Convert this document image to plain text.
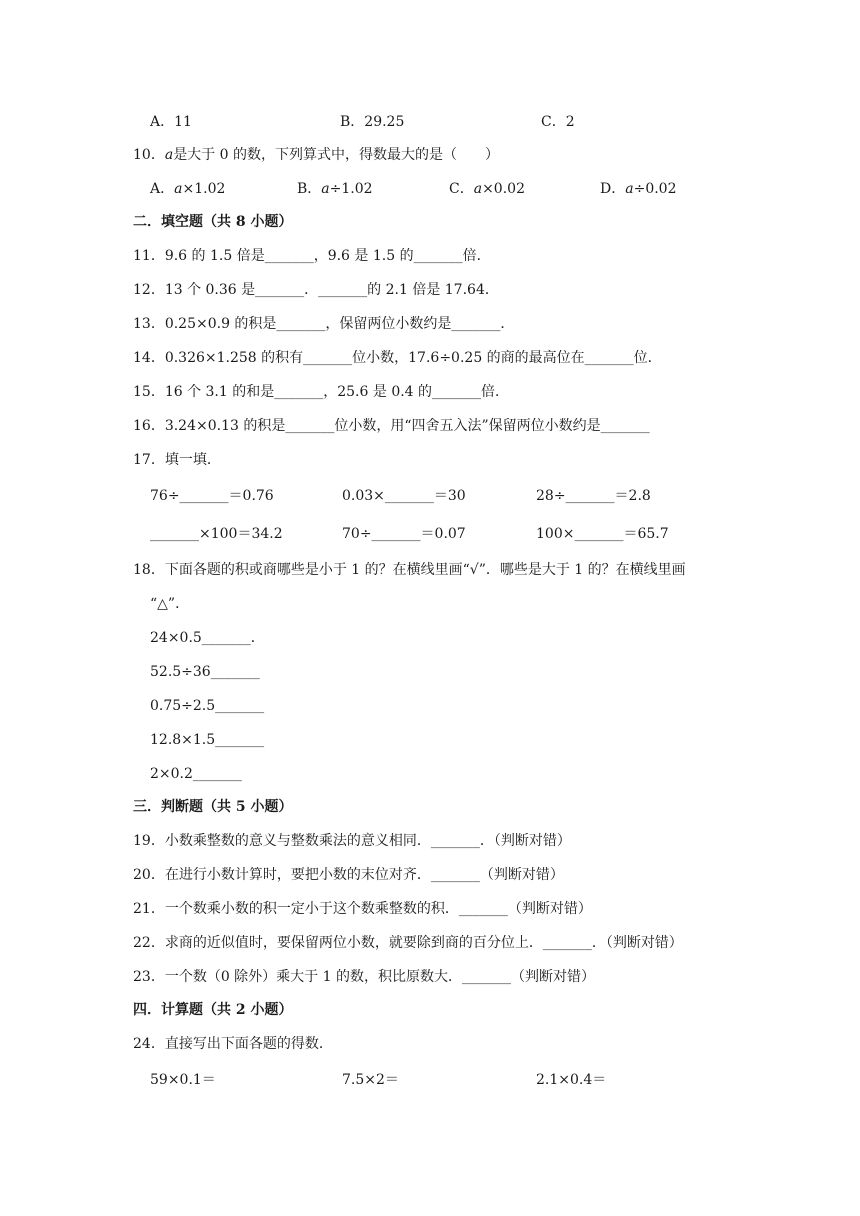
A．11	B．29.25	C．2
10．a是大于 0 的数，下列算式中，得数最大的是（　　）
A．a×1.02	B．a÷1.02	C．a×0.02	D．a÷0.02
二．填空题（共 8 小题）
11．9.6 的 1.5 倍是_______，9.6 是 1.5 的_______倍．
12．13 个 0.36 是_______．_______的 2.1 倍是 17.64．
13．0.25×0.9 的积是_______，保留两位小数约是_______．
14．0.326×1.258 的积有_______位小数，17.6÷0.25 的商的最高位在_______位．
15．16 个 3.1 的和是_______，25.6 是 0.4 的_______倍．
16．3.24×0.13 的积是_______位小数，用“四舍五入法”保留两位小数约是_______
17．填一填．
76÷_______＝0.76	0.03×_______＝30	28÷_______＝2.8
_______×100＝34.2	70÷_______＝0.07	100×_______＝65.7
18．下面各题的积或商哪些是小于 1 的？在横线里画“√”．哪些是大于 1 的？在横线里画
“△”．
24×0.5_______．
52.5÷36_______
0.75÷2.5_______
12.8×1.5_______
2×0.2_______
三．判断题（共 5 小题）
19．小数乘整数的意义与整数乘法的意义相同．_______．（判断对错）
20．在进行小数计算时，要把小数的末位对齐．_______（判断对错）
21．一个数乘小数的积一定小于这个数乘整数的积．_______（判断对错）
22．求商的近似值时，要保留两位小数，就要除到商的百分位上．_______．（判断对错）
23．一个数（0 除外）乘大于 1 的数，积比原数大．_______（判断对错）
四．计算题（共 2 小题）
24．直接写出下面各题的得数．
59×0.1＝	7.5×2＝	2.1×0.4＝
